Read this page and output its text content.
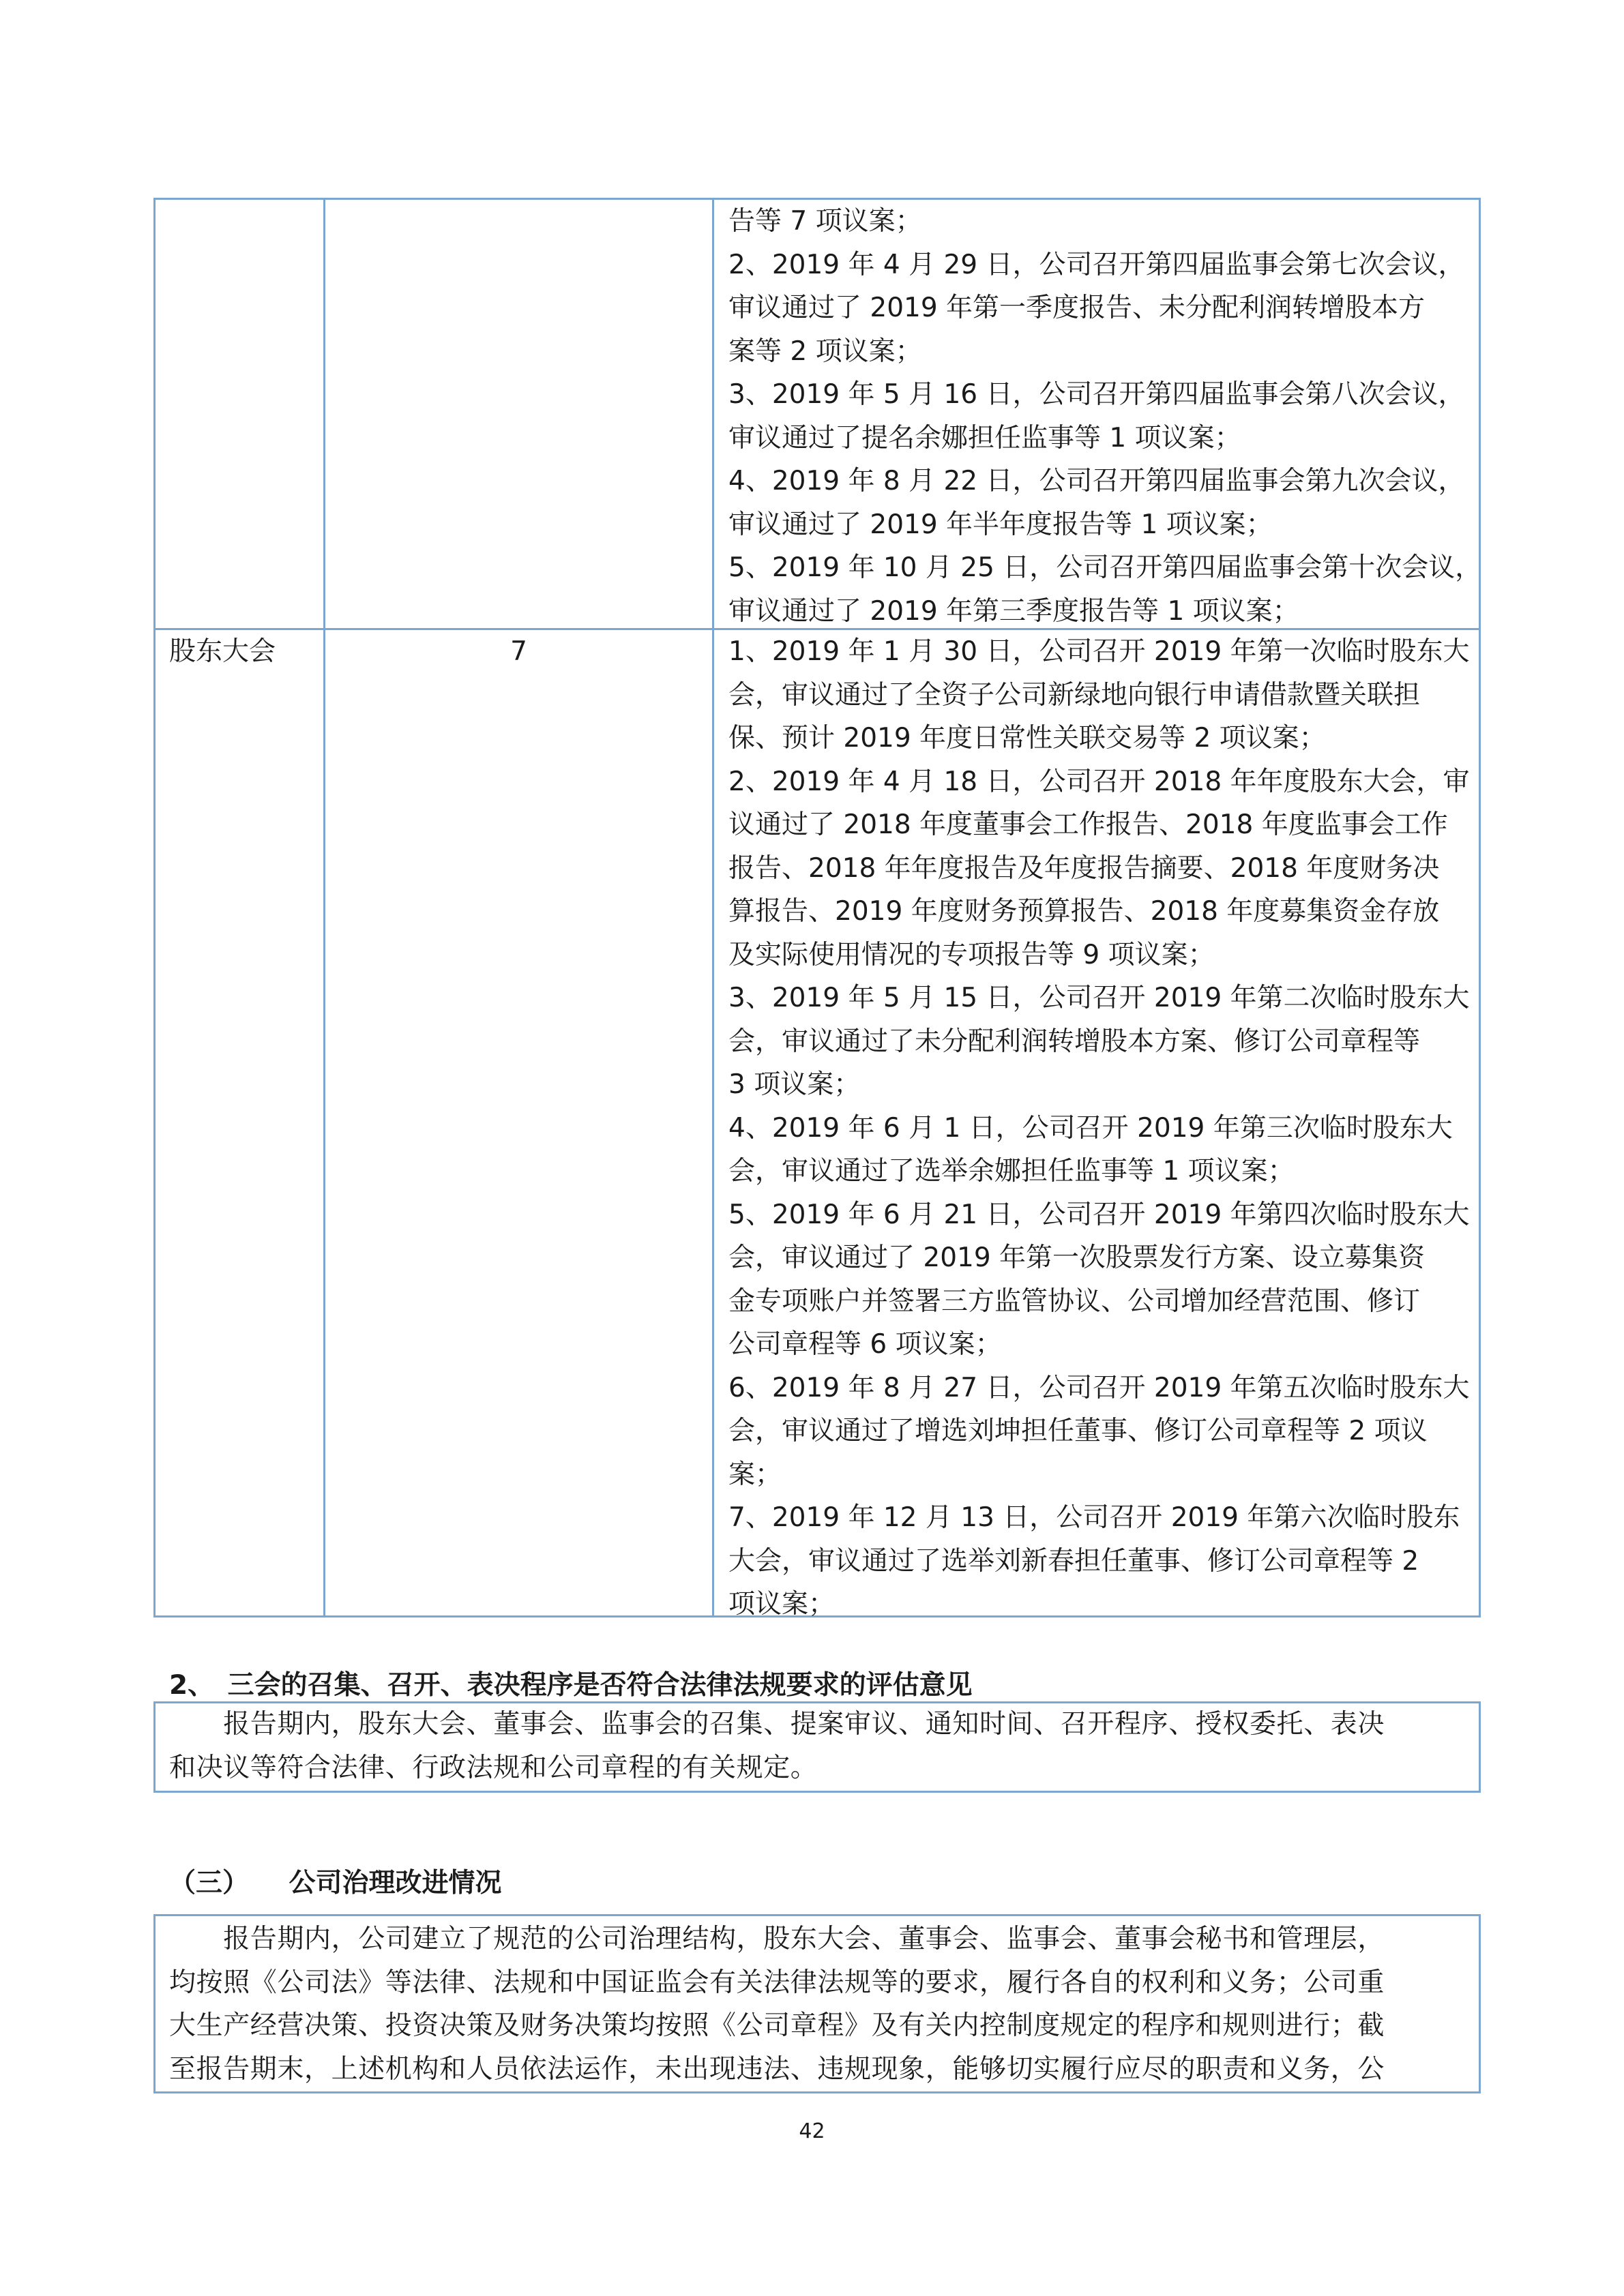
告等 7 项议案；
2、2019 年 4 月 29 日，公司召开第四届监事会第七次会议，
审议通过了 2019 年第一季度报告、未分配利润转增股本方
案等 2 项议案；
3、2019 年 5 月 16 日，公司召开第四届监事会第八次会议，
审议通过了提名余娜担任监事等 1 项议案；
4、2019 年 8 月 22 日，公司召开第四届监事会第九次会议，
审议通过了 2019 年半年度报告等 1 项议案；
5、2019 年 10 月 25 日，公司召开第四届监事会第十次会议，
审议通过了 2019 年第三季度报告等 1 项议案；
股东大会	7	1、2019 年 1 月 30 日，公司召开 2019 年第一次临时股东大
会，审议通过了全资子公司新绿地向银行申请借款暨关联担
保、预计 2019 年度日常性关联交易等 2 项议案；
2、2019 年 4 月 18 日，公司召开 2018 年年度股东大会，审
议通过了 2018 年度董事会工作报告、2018 年度监事会工作
报告、2018 年年度报告及年度报告摘要、2018 年度财务决
算报告、2019 年度财务预算报告、2018 年度募集资金存放
及实际使用情况的专项报告等 9 项议案；
3、2019 年 5 月 15 日，公司召开 2019 年第二次临时股东大
会，审议通过了未分配利润转增股本方案、修订公司章程等
3 项议案；
4、2019 年 6 月 1 日，公司召开 2019 年第三次临时股东大
会，审议通过了选举余娜担任监事等 1 项议案；
5、2019 年 6 月 21 日，公司召开 2019 年第四次临时股东大
会，审议通过了 2019 年第一次股票发行方案、设立募集资
金专项账户并签署三方监管协议、公司增加经营范围、修订
公司章程等 6 项议案；
6、2019 年 8 月 27 日，公司召开 2019 年第五次临时股东大
会，审议通过了增选刘坤担任董事、修订公司章程等 2 项议
案；
7、2019 年 12 月 13 日，公司召开 2019 年第六次临时股东
大会，审议通过了选举刘新春担任董事、修订公司章程等 2
项议案；
2、　三会的召集、召开、表决程序是否符合法律法规要求的评估意见
　　报告期内，股东大会、董事会、监事会的召集、提案审议、通知时间、召开程序、授权委托、表决
和决议等符合法律、行政法规和公司章程的有关规定。
（三）　　公司治理改进情况
　　报告期内，公司建立了规范的公司治理结构，股东大会、董事会、监事会、董事会秘书和管理层，
均按照《公司法》等法律、法规和中国证监会有关法律法规等的要求，履行各自的权利和义务；公司重
大生产经营决策、投资决策及财务决策均按照《公司章程》及有关内控制度规定的程序和规则进行；截
至报告期末，上述机构和人员依法运作，未出现违法、违规现象，能够切实履行应尽的职责和义务，公
42
